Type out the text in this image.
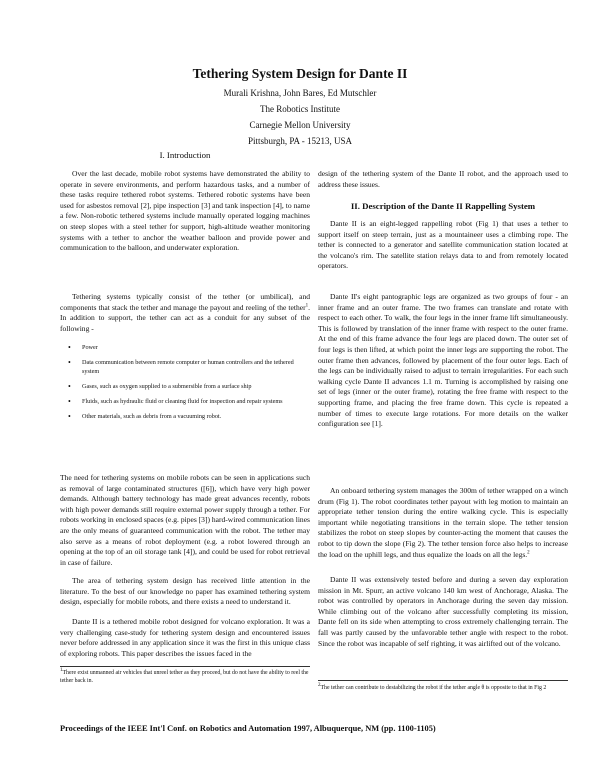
Tethering System Design for Dante II
Murali Krishna, John Bares, Ed Mutschler
The Robotics Institute
Carnegie Mellon University
Pittsburgh, PA - 15213, USA
I. Introduction

Over the last decade, mobile robot systems have demonstrated the ability to operate in severe environments, and perform hazardous tasks, and a number of these tasks require tethered robot systems. Tethered robotic systems have been used for asbestos removal [2], pipe inspection [3] and tank inspection [4], to name a few. Non-robotic tethered systems include manually operated logging machines on steep slopes with a steel tether for support, high-altitude weather monitoring systems with a tether to anchor the weather balloon and provide power and communication to the balloon, and underwater exploration.

Tethering systems typically consist of the tether (or umbilical), and components that stack the tether and manage the payout and reeling of the tether$^1$. In addition to support, the tether can act as a conduit for any subset of the following -

• Power
• Data communication between remote computer or human controllers and the tethered system
• Gases, such as oxygen supplied to a submersible from a surface ship
• Fluids, such as hydraulic fluid or cleaning fluid for inspection and repair systems
• Other materials, such as debris from a vacuuming robot.

The need for tethering systems on mobile robots can be seen in applications such as removal of large contaminated structures ([6]), which have very high power demands. Although battery technology has made great advances recently, robots with high power demands still require external power supply through a tether. For robots working in enclosed spaces (e.g. pipes [3]) hard-wired communication lines are the only means of guaranteed communication with the robot. The tether may also serve as a means of robot deployment (e.g. a robot lowered through an opening at the top of an oil storage tank [4]), and could be used for robot retrieval in case of failure.

The area of tethering system design has received little attention in the literature. To the best of our knowledge no paper has examined tethering system design, especially for mobile robots, and there exists a need to understand it.

Dante II is a tethered mobile robot designed for volcano exploration. It was a very challenging case-study for tethering system design and encountered issues never before addressed in any application since it was the first in this unique class of exploring robots. This paper describes the issues faced in the

$^1$There exist unmanned air vehicles that unreel tether as they proceed, but do not have the ability to reel the tether back in.

design of the tethering system of the Dante II robot, and the approach used to address these issues.

II. Description of the Dante II Rappelling System

Dante II is an eight-legged rappelling robot (Fig 1) that uses a tether to support itself on steep terrain, just as a mountaineer uses a climbing rope. The tether is connected to a generator and satellite communication station located at the volcano's rim. The satellite station relays data to and from remotely located operators.

Dante II's eight pantographic legs are organized as two groups of four - an inner frame and an outer frame. The two frames can translate and rotate with respect to each other. To walk, the four legs in the inner frame lift simultaneously. This is followed by translation of the inner frame with respect to the outer frame. At the end of this frame advance the four legs are placed down. The outer set of four legs is then lifted, at which point the inner legs are supporting the robot. The outer frame then advances, followed by placement of the four outer legs. Each of the legs can be individually raised to adjust to terrain irregularities. For each such walking cycle Dante II advances 1.1 m. Turning is accomplished by raising one set of legs (inner or the outer frame), rotating the free frame with respect to the supporting frame, and placing the free frame down. This cycle is repeated a number of times to execute large rotations. For more details on the walker configuration see [1].

An onboard tethering system manages the 300m of tether wrapped on a winch drum (Fig 1). The robot coordinates tether payout with leg motion to maintain an appropriate tether tension during the entire walking cycle. This is especially important while negotiating transitions in the terrain slope. The tether tension stabilizes the robot on steep slopes by counter-acting the moment that causes the robot to tip down the slope (Fig 2). The tether tension force also helps to increase the load on the uphill legs, and thus equalize the loads on all the legs.$^2$

Dante II was extensively tested before and during a seven day exploration mission in Mt. Spurr, an active volcano 140 km west of Anchorage, Alaska. The robot was controlled by operators in Anchorage during the seven day mission. While climbing out of the volcano after successfully completing its mission, Dante fell on its side when attempting to cross extremely challenging terrain. The fall was partly caused by the unfavorable tether angle with respect to the robot. Since the robot was incapable of self righting, it was airlifted out of the volcano.

$^2$The tether can contribute to destabilizing the robot if the tether angle θ is opposite to that in Fig 2

Proceedings of the IEEE Int'l Conf. on Robotics and Automation 1997, Albuquerque, NM (pp. 1100-1105)
